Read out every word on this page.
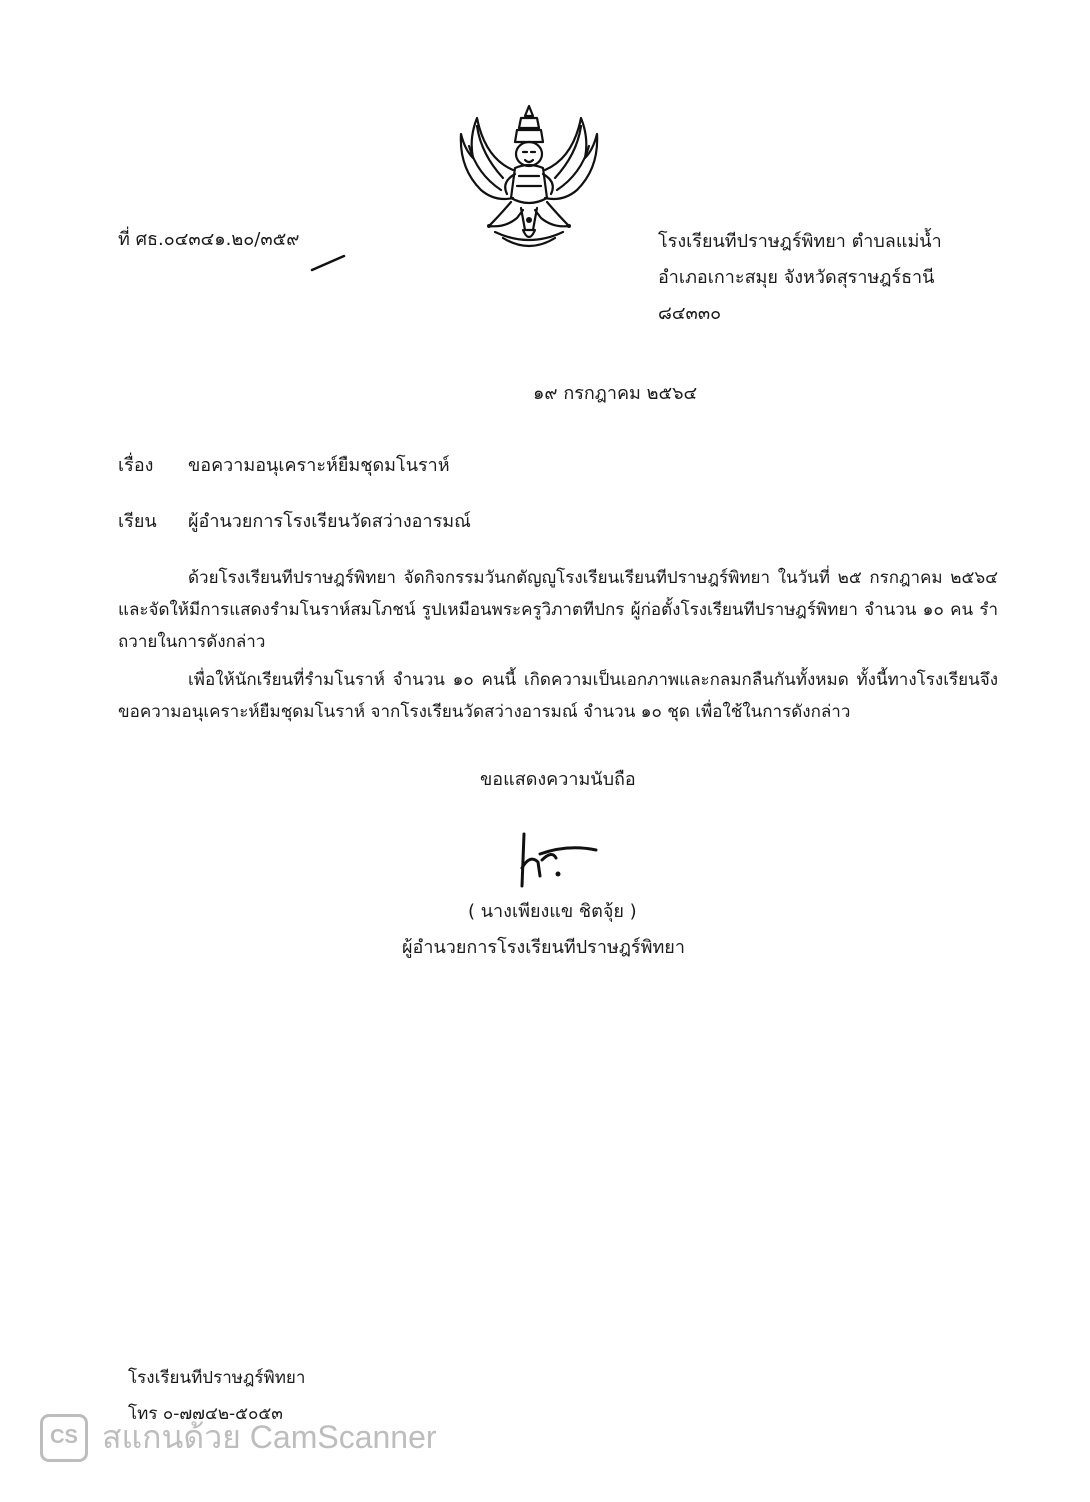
ที่ ศธ.๐๔๓๔๑.๒๐/๓๕๙	โรงเรียนทีปราษฎร์พิทยา ตำบลแม่น้ำ
อำเภอเกาะสมุย จังหวัดสุราษฎร์ธานี
๘๔๓๓๐
๑๙ กรกฎาคม ๒๕๖๔
เรื่อง ขอความอนุเคราะห์ยืมชุดมโนราห์
เรียน ผู้อำนวยการโรงเรียนวัดสว่างอารมณ์
ด้วยโรงเรียนทีปราษฎร์พิทยา จัดกิจกรรมวันกตัญญูโรงเรียนเรียนทีปราษฎร์พิทยา ในวันที่ ๒๕ กรกฎาคม ๒๕๖๔ และจัดให้มีการแสดงรำมโนราห์สมโภชน์ รูปเหมือนพระครูวิภาตทีปกร ผู้ก่อตั้งโรงเรียนทีปราษฎร์พิทยา จำนวน ๑๐ คน รำถวายในการดังกล่าว
เพื่อให้นักเรียนที่รำมโนราห์ จำนวน ๑๐ คนนี้ เกิดความเป็นเอกภาพและกลมกลืนกันทั้งหมด ทั้งนี้ทางโรงเรียนจึงขอความอนุเคราะห์ยืมชุดมโนราห์ จากโรงเรียนวัดสว่างอารมณ์ จำนวน ๑๐ ชุด เพื่อใช้ในการดังกล่าว
ขอแสดงความนับถือ
( นางเพียงแข ชิตจุ้ย )
ผู้อำนวยการโรงเรียนทีปราษฎร์พิทยา
โรงเรียนทีปราษฎร์พิทยา
โทร ๐-๗๗๔๒-๕๐๕๓
CS สแกนด้วย CamScanner
